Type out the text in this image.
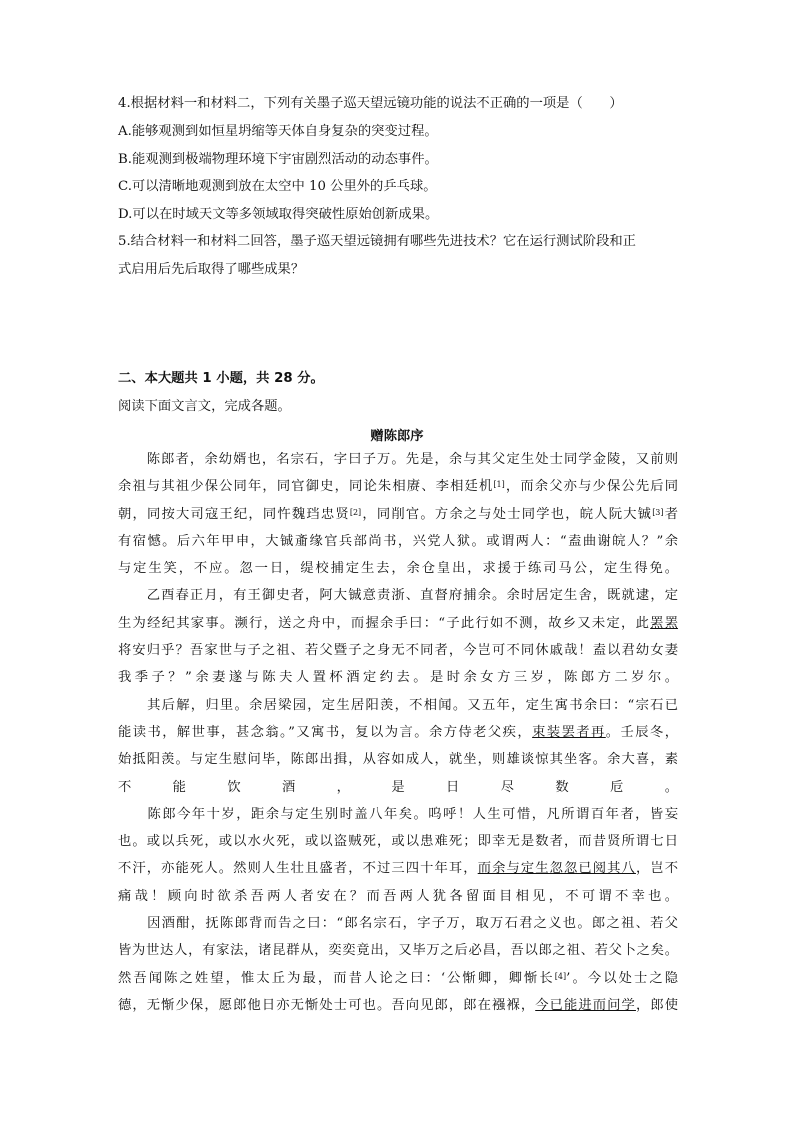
4.根据材料一和材料二，下列有关墨子巡天望远镜功能的说法不正确的一项是（　　）
A.能够观测到如恒星坍缩等天体自身复杂的突变过程。
B.能观测到极端物理环境下宇宙剧烈活动的动态事件。
C.可以清晰地观测到放在太空中 10 公里外的乒乓球。
D.可以在时域天文等多领域取得突破性原始创新成果。
5.结合材料一和材料二回答，墨子巡天望远镜拥有哪些先进技术？它在运行测试阶段和正
式启用后先后取得了哪些成果？
二、本大题共 1 小题，共 28 分。
阅读下面文言文，完成各题。
赠陈郎序
　　陈郎者，余幼婿也，名宗石，字曰子万。先是，余与其父定生处士同学金陵，又前则
余祖与其祖少保公同年，同官御史，同论朱相赓、李相廷机[1]，而余父亦与少保公先后同
朝，同按大司寇王纪，同忤魏珰忠贤[2]，同削官。方余之与处士同学也，皖人阮大铖[3]者
有宿憾。后六年甲申，大铖齑缘官兵部尚书，兴党人狱。或谓两人：“盍曲谢皖人？”余
与定生笑，不应。忽一日，缇校捕定生去，余仓皇出，求援于练司马公，定生得免。
　　乙酉春正月，有王御史者，阿大铖意责浙、直督府捕余。余时居定生舍，既就逮，定
生为经纪其家事。濒行，送之舟中，而握余手曰：“子此行如不测，故乡又未定，此罴罴
将安归乎？吾家世与子之祖、若父暨子之身无不同者，今岂可不同休戚哉！盍以君幼女妻
我季子？”余妻遂与陈夫人置杯酒定约去。是时余女方三岁，陈郎方二岁尔。
　　其后解，归里。余居梁园，定生居阳羡，不相闻。又五年，定生寓书余曰：“宗石已
能读书，解世事，甚念翁。”又寓书，复以为言。余方侍老父疾，束装罢者再。壬辰冬，
始抵阳羡。与定生慰问毕，陈郎出揖，从容如成人，就坐，则雄谈惊其坐客。余大喜，素
不能饮酒，是日尽数卮。
　　陈郎今年十岁，距余与定生别时盖八年矣。呜呼！人生可惜，凡所谓百年者，皆妄
也。或以兵死，或以水火死，或以盗贼死，或以患难死；即幸无是数者，而昔贤所谓七日
不汗，亦能死人。然则人生壮且盛者，不过三四十年耳，而余与定生忽忽已阅其八，岂不
痛哉！顾向时欲杀吾两人者安在？而吾两人犹各留面目相见，不可谓不幸也。
　　因酒酣，抚陈郎背而告之曰：“郎名宗石，字子万，取万石君之义也。郎之祖、若父
皆为世达人，有家法，诸昆群从，奕奕竟出，又毕万之后必昌，吾以郎之祖、若父卜之矣。
然吾闻陈之姓望，惟太丘为最，而昔人论之曰：‘公惭卿，卿惭长[4]’。今以处士之隐
德，无惭少保，愿郎他日亦无惭处士可也。吾向见郎，郎在襁褓，今已能进而问学，郎使
